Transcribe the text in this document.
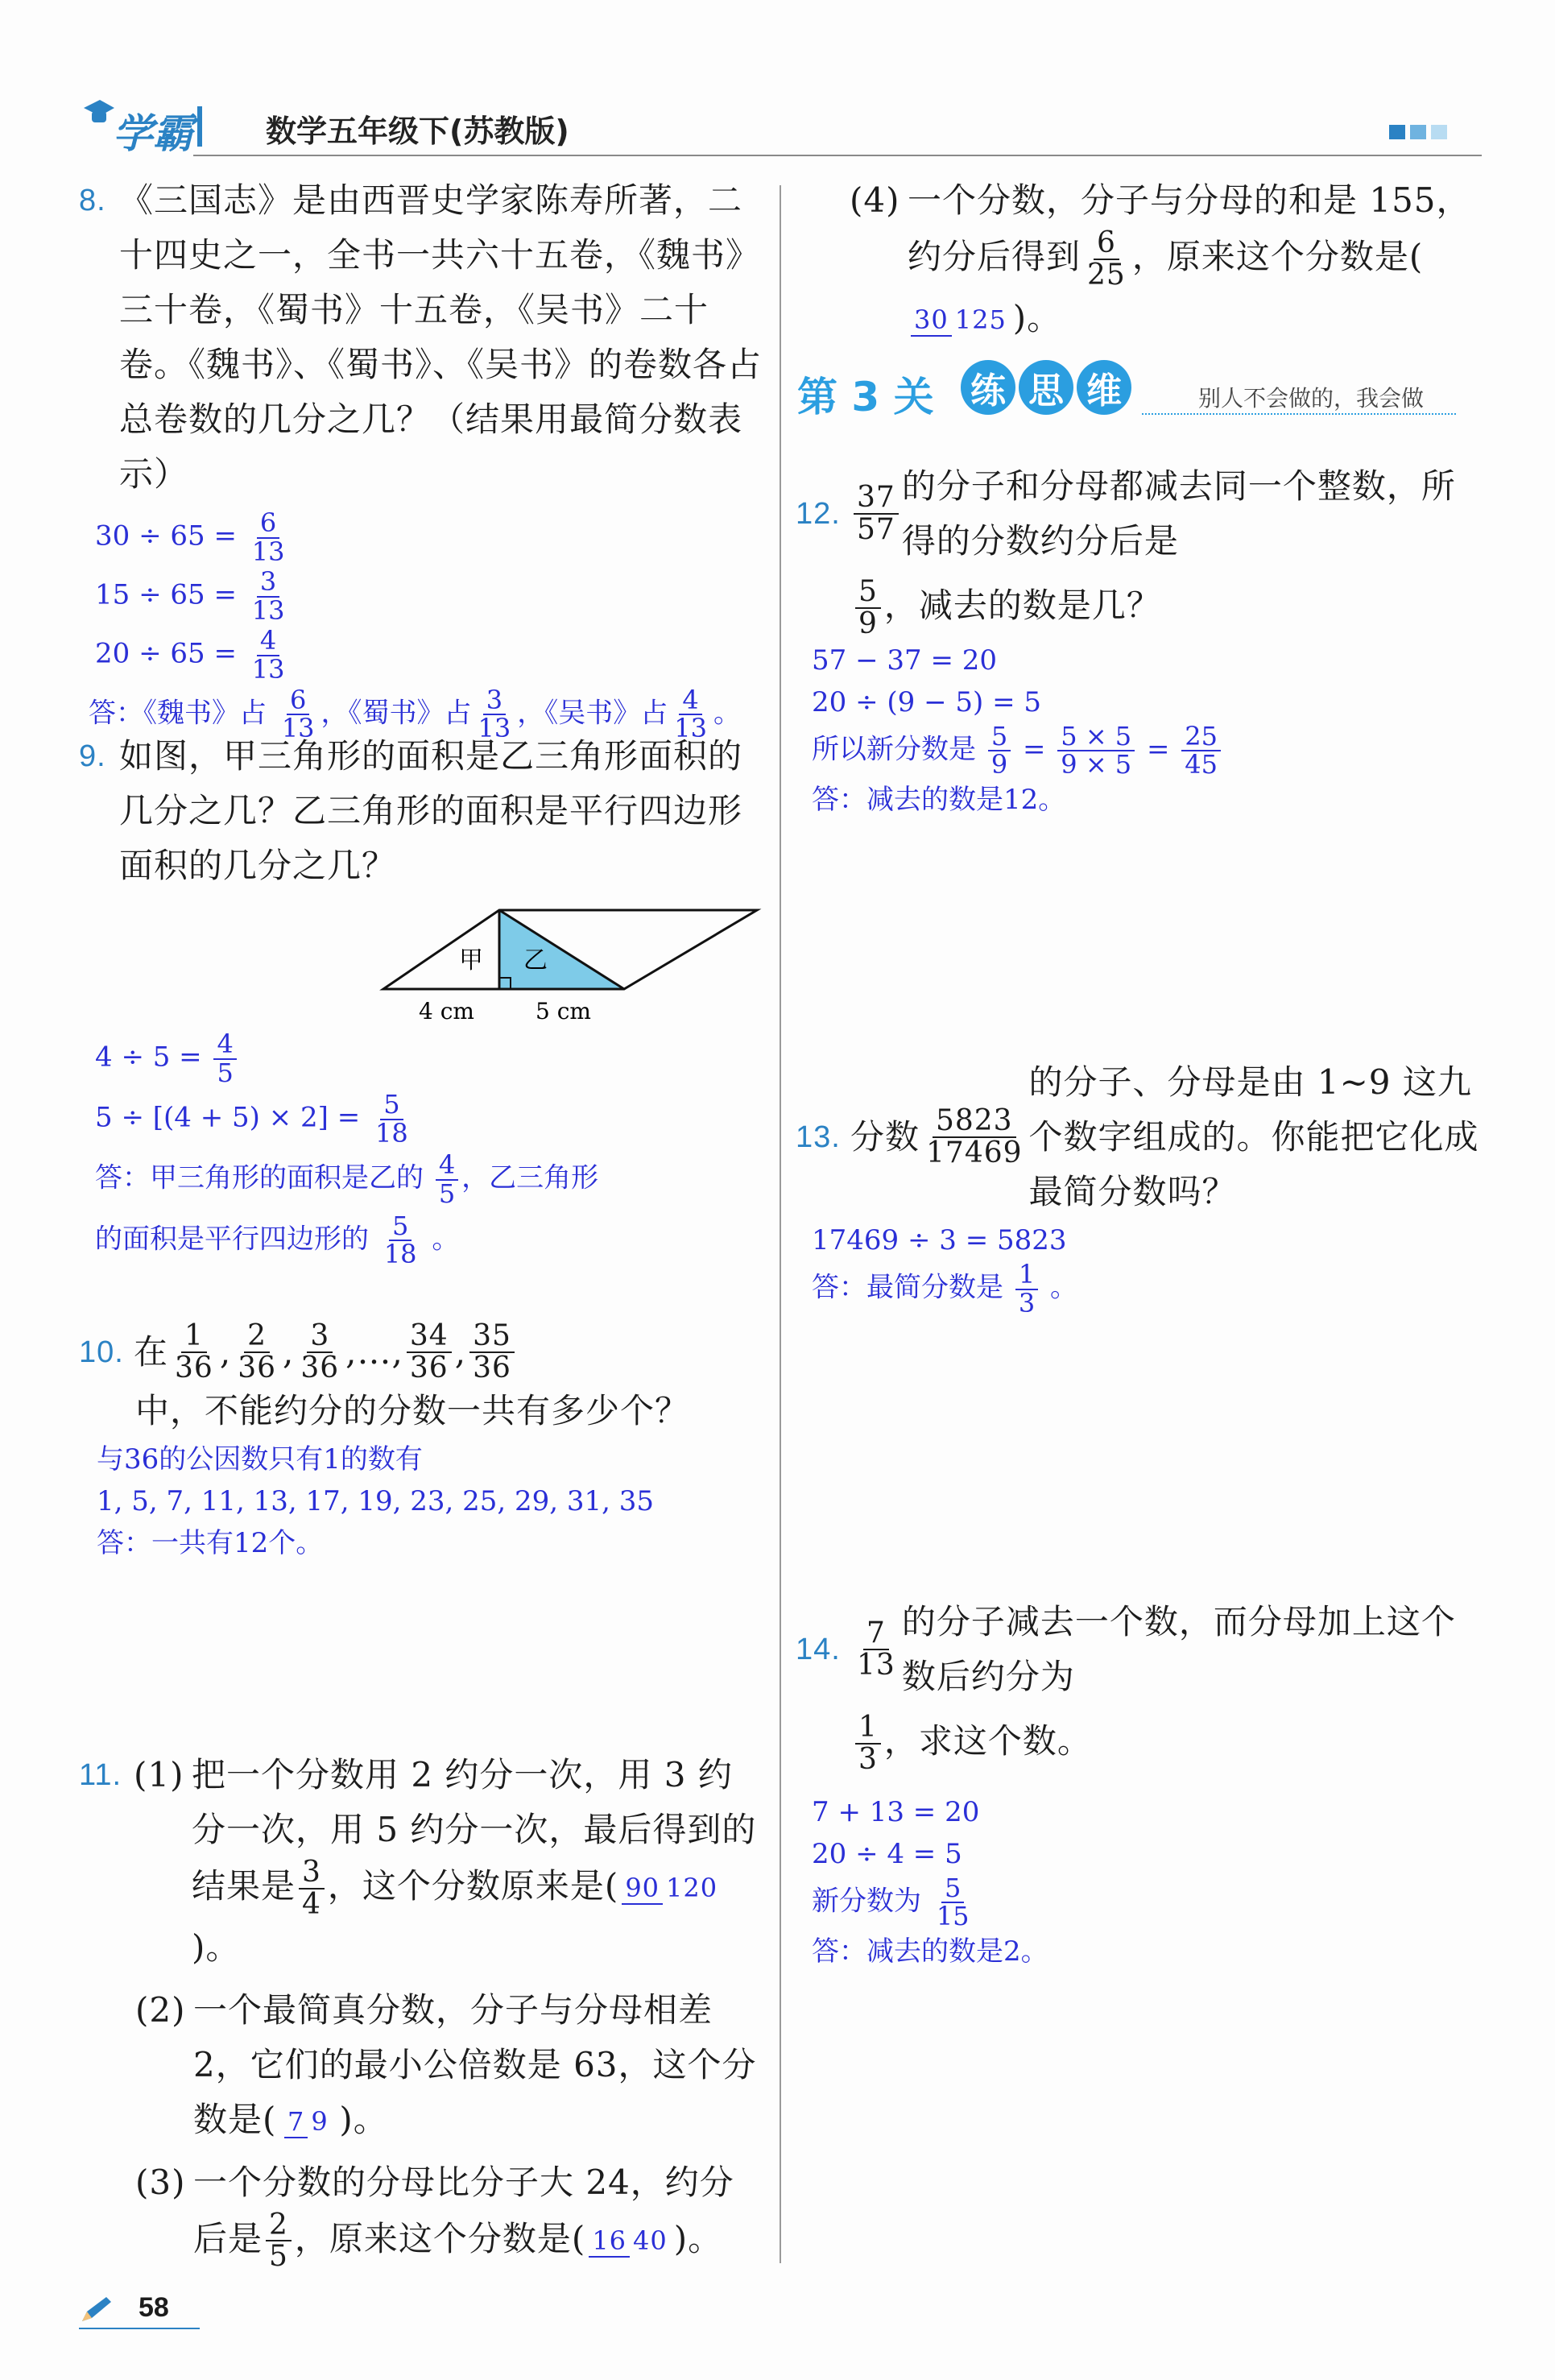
学霸 数学五年级下(苏教版)
8. 《三国志》是由西晋史学家陈寿所著，二十四史之一，全书一共六十五卷，《魏书》三十卷，《蜀书》十五卷，《吴书》二十卷。《魏书》、《蜀书》、《吴书》的卷数各占总卷数的几分之几？（结果用最简分数表示）
$30 \div 65 = \frac{6}{13}$
$15 \div 65 = \frac{3}{13}$
$20 \div 65 = \frac{4}{13}$
答：《魏书》占 $\frac{6}{13}$ ，《蜀书》占 $\frac{3}{13}$ ，《吴书》占 $\frac{4}{13}$ 。
9. 如图，甲三角形的面积是乙三角形面积的几分之几？乙三角形的面积是平行四边形面积的几分之几？
甲 乙
4 cm	5 cm
$4 \div 5 = \frac{4}{5}$
$5 \div [(4 + 5) \times 2] = \frac{5}{18}$
答：甲三角形的面积是乙的 $\frac{4}{5}$ ，乙三角形
的面积是平行四边形的 $\frac{5}{18}$ 。
10. 在 $\frac{1}{36}$ , $\frac{2}{36}$ , $\frac{3}{36}$ , … , $\frac{34}{36}$ , $\frac{35}{36}$
中，不能约分的分数一共有多少个？
与36的公因数只有1的数有
1, 5, 7, 11, 13, 17, 19, 23, 25, 29, 31, 35
答：一共有12个。
11. (1) 把一个分数用 2 约分一次，用 3 约分一次，用 5 约分一次，最后得到的结果是 $\frac{3}{4}$ ，这个分数原来是( 90 120)。
(2) 一个最简真分数，分子与分母相差 2，它们的最小公倍数是 63，这个分数是( 7 9 )。
(3) 一个分数的分母比分子大 24，约分后是 $\frac{2}{5}$ ，原来这个分数是( 16 40 )。
58
(4) 一个分数，分子与分母的和是 155，约分后得到 $\frac{6}{25}$ ，原来这个分数是(30 125 )。
第 3 关 练 思 维	别人不会做的，我会做
12. $\frac{37}{57}$ 的分子和分母都减去同一个整数，所得的分数约分后是
$\frac{5}{9}$ ，减去的数是几？
57 − 37 = 20
20 ÷ (9 − 5) = 5
所以新分数是 $\frac{5}{9} = \frac{5 \times 5}{9 \times 5} = \frac{25}{45}$
答：减去的数是12。
13. 分数 $\frac{5823}{17469}$
的分子、分母是由 1~9 这九个数字组成的。你能把它化成最简分数吗？
17469 ÷ 3 = 5823
答：最简分数是 $\frac{1}{3}$ 。
14. $\frac{7}{13}$ 的分子减去一个数，而分母加上这个数后约分为
$\frac{1}{3}$ ，求这个数。
7 + 13 = 20
20 ÷ 4 = 5
新分数为 $\frac{5}{15}$
答：减去的数是2。
